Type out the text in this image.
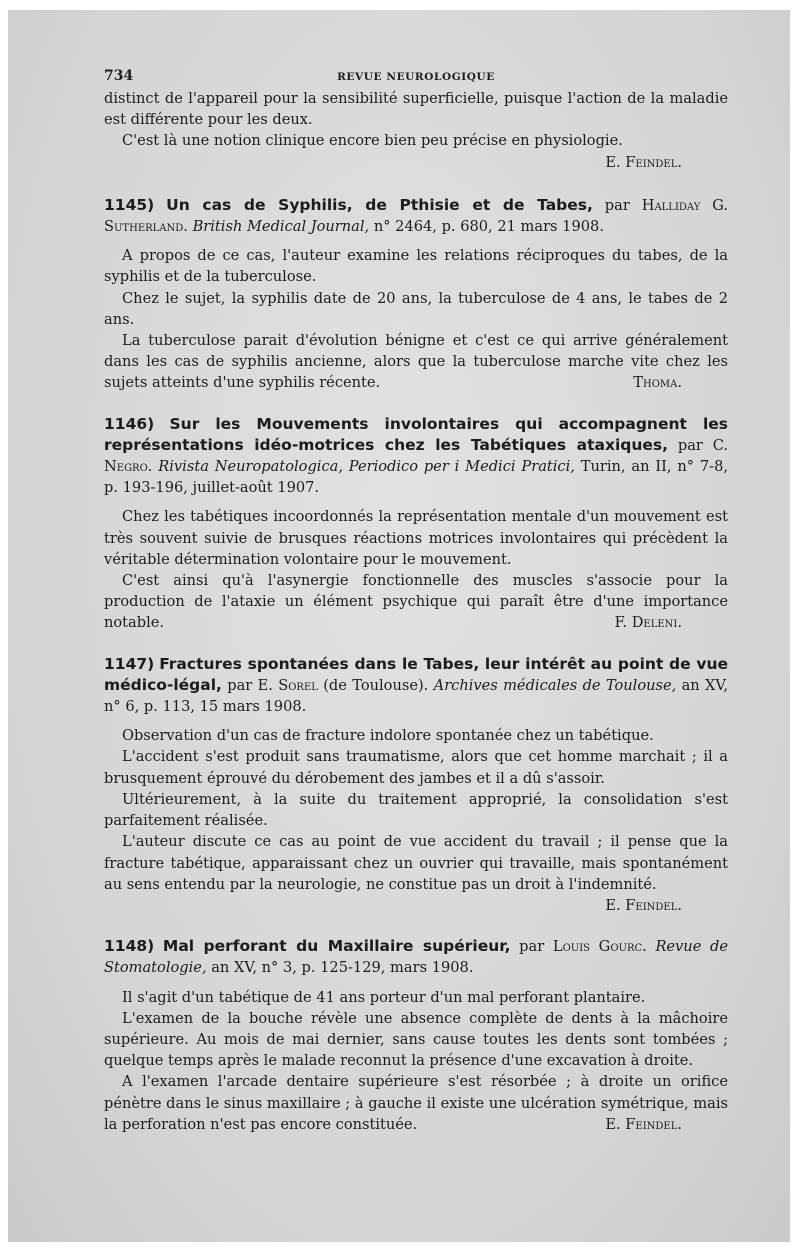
734	REVUE NEUROLOGIQUE

distinct de l'appareil pour la sensibilité superficielle, puisque l'action de la maladie est différente pour les deux.

C'est là une notion clinique encore bien peu précise en physiologie.

E. Feindel.

1145) Un cas de Syphilis, de Pthisie et de Tabes, par Halliday G. Sutherland. British Medical Journal, n° 2464, p. 680, 21 mars 1908.

A propos de ce cas, l'auteur examine les relations réciproques du tabes, de la syphilis et de la tuberculose.

Chez le sujet, la syphilis date de 20 ans, la tuberculose de 4 ans, le tabes de 2 ans.

La tuberculose parait d'évolution bénigne et c'est ce qui arrive généralement dans les cas de syphilis ancienne, alors que la tuberculose marche vite chez les sujets atteints d'une syphilis récente.	Thoma.

1146) Sur les Mouvements involontaires qui accompagnent les représentations idéo-motrices chez les Tabétiques ataxiques, par C. Negro. Rivista Neuropatologica, Periodico per i Medici Pratici, Turin, an II, n° 7-8, p. 193-196, juillet-août 1907.

Chez les tabétiques incoordonnés la représentation mentale d'un mouvement est très souvent suivie de brusques réactions motrices involontaires qui précèdent la véritable détermination volontaire pour le mouvement.

C'est ainsi qu'à l'asynergie fonctionnelle des muscles s'associe pour la production de l'ataxie un élément psychique qui paraît être d'une importance notable.	F. Deleni.

1147) Fractures spontanées dans le Tabes, leur intérêt au point de vue médico-légal, par E. Sorel (de Toulouse). Archives médicales de Toulouse, an XV, n° 6, p. 113, 15 mars 1908.

Observation d'un cas de fracture indolore spontanée chez un tabétique.

L'accident s'est produit sans traumatisme, alors que cet homme marchait ; il a brusquement éprouvé du dérobement des jambes et il a dû s'assoir.

Ultérieurement, à la suite du traitement approprié, la consolidation s'est parfaitement réalisée.

L'auteur discute ce cas au point de vue accident du travail ; il pense que la fracture tabétique, apparaissant chez un ouvrier qui travaille, mais spontanément au sens entendu par la neurologie, ne constitue pas un droit à l'indemnité.
E. Feindel.

1148) Mal perforant du Maxillaire supérieur, par Louis Gourc. Revue de Stomatologie, an XV, n° 3, p. 125-129, mars 1908.

Il s'agit d'un tabétique de 41 ans porteur d'un mal perforant plantaire.

L'examen de la bouche révèle une absence complète de dents à la mâchoire supérieure. Au mois de mai dernier, sans cause toutes les dents sont tombées ; quelque temps après le malade reconnut la présence d'une excavation à droite.

A l'examen l'arcade dentaire supérieure s'est résorbée ; à droite un orifice pénètre dans le sinus maxillaire ; à gauche il existe une ulcération symétrique, mais la perforation n'est pas encore constituée.	E. Feindel.
